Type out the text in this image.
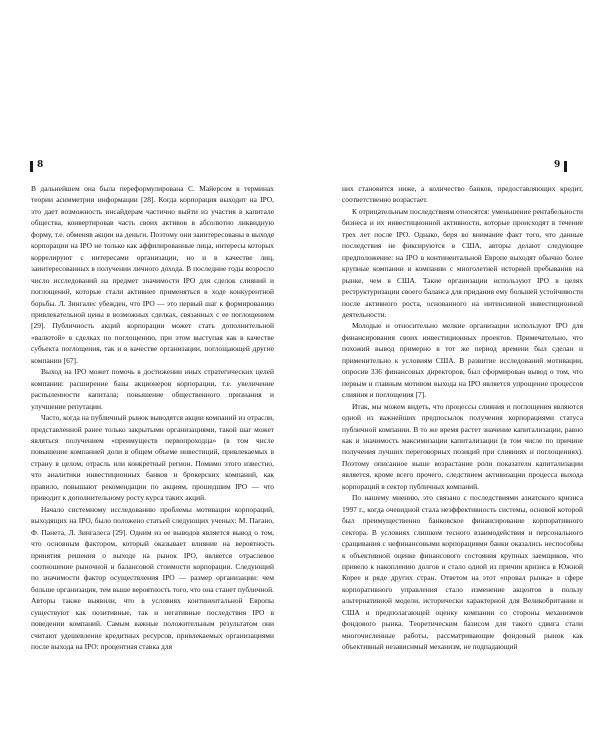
8

В дальнейшем она была переформулирована С. Майерсом в терминах теории асимметрии информации [28]. Когда корпорация выходит на IPO, это дает возможность инсайдерам частично выйти из участия в капитале общества, конвертировав часть своих активов в абсолютно ликвидную форму, т.е. обменяв акции на деньги. Поэтому они заинтересованы в выходе корпорации на IPO не только как аффилированные лица, интересы которых коррелируют с интересами организации, но и в качестве лиц, заинтересованных в получении личного дохода. В последние годы возросло число исследований на предмет значимости IPO для сделок слияний и поглощений, которые стали активнее применяться в ходе конкурентной борьбы. Л. Зингалес убежден, что IPO — это первый шаг к формированию привлекательной цены в возможных сделках, связанных с ее поглощением [29]. Публичность акций корпорации может стать дополнительной «валютой» в сделках по поглощению, при этом выступая как в качестве субъекта поглощения, так и в качестве организации, поглощающей другие компании [67].

Выход на IPO может помочь в достижении иных стратегических целей компании: расширение базы акционеров корпорации, т.е. увеличение распыленности капитала; повышение общественного признания и улучшение репутации.

Часто, когда на публичный рынок выводятся акции компаний из отрасли, представленной ранее только закрытыми организациями, такой шаг может являться получением «преимуществ первопроходца» (в том числе повышение компанией доли в общем объеме инвестиций, привлекаемых в страну в целом, отрасль или конкретный регион. Помимо этого известно, что аналитики инвестиционных банков и брокерских компаний, как правило, повышают рекомендации по акциям, прошедшим IPO — что приводит к дополнительному росту курса таких акций.

Начало системному исследованию проблемы мотивации корпораций, выходящих на IPO, было положено статьей следующих ученых: М. Пагано, Ф. Панета, Л. Зингалеса [29]. Одним из ее выводов является вывод о том, что основным фактором, который оказывает влияние на вероятность принятия решения о выходе на рынок IPO, является отраслевое соотношение рыночной и балансовой стоимости корпорации. Следующий по значимости фактор осуществления IPO — размер организации: чем больше организация, тем выше вероятность того, что она станет публичной. Авторы также выявили, что в условиях континентальной Европы существуют как позитивные, так и негативные последствия IPO в поведении компаний. Самым важные положительным результатом они считают удешевление кредитных ресурсов, привлекаемых организациями после выхода на IPO: процентная ставка для

9

них становится ниже, а количество банков, предоставляющих кредит, соответственно возрастает.

К отрицательным последствиям относятся: уменьшение рентабельности бизнеса и их инвестиционной активности, которые происходят в течение трех лет после IPO. Однако, беря во внимание факт того, что данные последствия не фиксируются в США, авторы делают следующее предположение: на IPO в континентальной Европе выходят обычно более крупные компании и компании с многолетней историей пребывания на рынке, чем в США. Такие организации используют IPO в целях реструктуризации своего баланса для придания ему большей устойчивости после активного роста, основанного на интенсивной инвестиционной деятельности.

Молодые и относительно мелкие организации используют IPO для финансирования своих инвестиционных проектов. Примечательно, что похожий вывод примерно в тот же период времени был сделан и применительно к условиям США. В развитие исследований мотивации, опросив 336 финансовых директоров, был сформирован вывод о том, что первым и главным мотивом выхода на IPO является упрощение процессов слияния и поглощения [7].

Итак, мы можем видеть, что процессы слияния и поглощения являются одной из важнейших предпосылок получения корпорациями статуса публичной компании. В то же время растет значение капитализации, равно как и значимость максимизации капитализации (в том числе по причине получения лучших переговорных позиций при слияниях и поглощениях). Поэтому описанное выше возрастание роли показателя капитализации является, кроме всего прочего, следствием активизации процесса выхода корпораций в сектор публичных компаний.

По нашему мнению, это связано с последствиями азиатского кризиса 1997 г., когда очевидной стала неэффективность системы, основой которой был преимущественно банковское финансирование корпоративного сектора. В условиях слишком тесного взаимодействия и персонального сращивания с нефинансовыми корпорациями банки оказались неспособны к объективной оценке финансового состояния крупных заемщиков, что привело к накоплению долгов и стало одной из причин кризиса в Южной Корее и ряде других стран. Ответом на этот «провал рынка» в сфере корпоративного управления стало изменение акцентов в пользу альтернативной модели, исторически характерной для Великобритании и США и предполагающей оценку компании со стороны механизмов фондового рынка. Теоретическим базисом для такого сдвига стали многочисленные работы, рассматривающие фондовый рынок как объективный независимый механизм, не подпадающий
